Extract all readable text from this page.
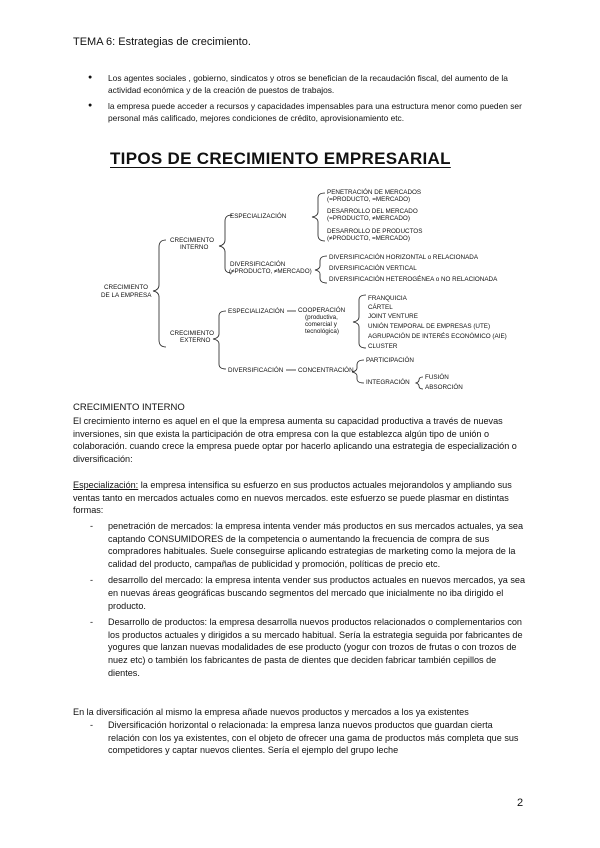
TEMA 6: Estrategias de crecimiento.
● Los agentes sociales , gobierno, sindicatos y otros se benefician de la recaudación fiscal, del aumento de la actividad económica y de la creación de puestos de trabajos.
● la empresa puede acceder a recursos y capacidades impensables para una estructura menor como pueden ser personal más calificado, mejores condiciones de crédito, aprovisionamiento etc.
TIPOS DE CRECIMIENTO EMPRESARIAL
CRECIMIENTO
DE LA EMPRESA
CRECIMIENTO
INTERNO
ESPECIALIZACIÓN
PENETRACIÓN DE MERCADOS
(=PRODUCTO, =MERCADO)
DESARROLLO DEL MERCADO
(=PRODUCTO, ≠MERCADO)
DESARROLLO DE PRODUCTOS
(≠PRODUCTO, =MERCADO)
DIVERSIFICACIÓN
(≠PRODUCTO, ≠MERCADO)
DIVERSIFICACIÓN HORIZONTAL o RELACIONADA
DIVERSIFICACIÓN VERTICAL
DIVERSIFICACIÓN HETEROGÉNEA o NO RELACIONADA
CRECIMIENTO
EXTERNO
ESPECIALIZACIÓN COOPERACIÓN
(productiva,
comercial y
tecnológica)
FRANQUICIA
CÁRTEL
JOINT VENTURE
UNIÓN TEMPORAL DE EMPRESAS (UTE)
AGRUPACIÓN DE INTERÉS ECONÓMICO (AIE)
CLUSTER
DIVERSIFICACIÓN CONCENTRACIÓN
PARTICIPACIÓN
INTEGRACIÓN
FUSIÓN
ABSORCIÓN
CRECIMIENTO INTERNO

El crecimiento interno es aquel en el que la empresa aumenta su capacidad productiva a través de nuevas inversiones, sin que exista la participación de otra empresa con la que establezca algún tipo de unión o colaboración. cuando crece la empresa puede optar por hacerlo aplicando una estrategia de especialización o diversificación:

Especialización: la empresa intensifica su esfuerzo en sus productos actuales mejorandolos y ampliando sus ventas tanto en mercados actuales como en nuevos mercados. este esfuerzo se puede plasmar en distintas formas:

- penetración de mercados: la empresa intenta vender más productos en sus mercados actuales, ya sea captando CONSUMIDORES de la competencia o aumentando la frecuencia de compra de sus compradores habituales. Suele conseguirse aplicando estrategias de marketing como la mejora de la calidad del producto, campañas de publicidad y promoción, políticas de precio etc.
- desarrollo del mercado: la empresa intenta vender sus productos actuales en nuevos mercados, ya sea en nuevas áreas geográficas buscando segmentos del mercado que inicialmente no iba dirigido el producto.
- Desarrollo de productos: la empresa desarrolla nuevos productos relacionados o complementarios con los productos actuales y dirigidos a su mercado habitual. Sería la estrategia seguida por fabricantes de yogures que lanzan nuevas modalidades de ese producto (yogur con trozos de frutas o con trozos de nuez etc) o también los fabricantes de pasta de dientes que deciden fabricar también cepillos de dientes.

En la diversificación al mismo la empresa añade nuevos productos y mercados a los ya existentes

- Diversificación horizontal o relacionada: la empresa lanza nuevos productos que guardan cierta relación con los ya existentes, con el objeto de ofrecer una gama de productos más completa que sus competidores y captar nuevos clientes. Sería el ejemplo del grupo leche
2
